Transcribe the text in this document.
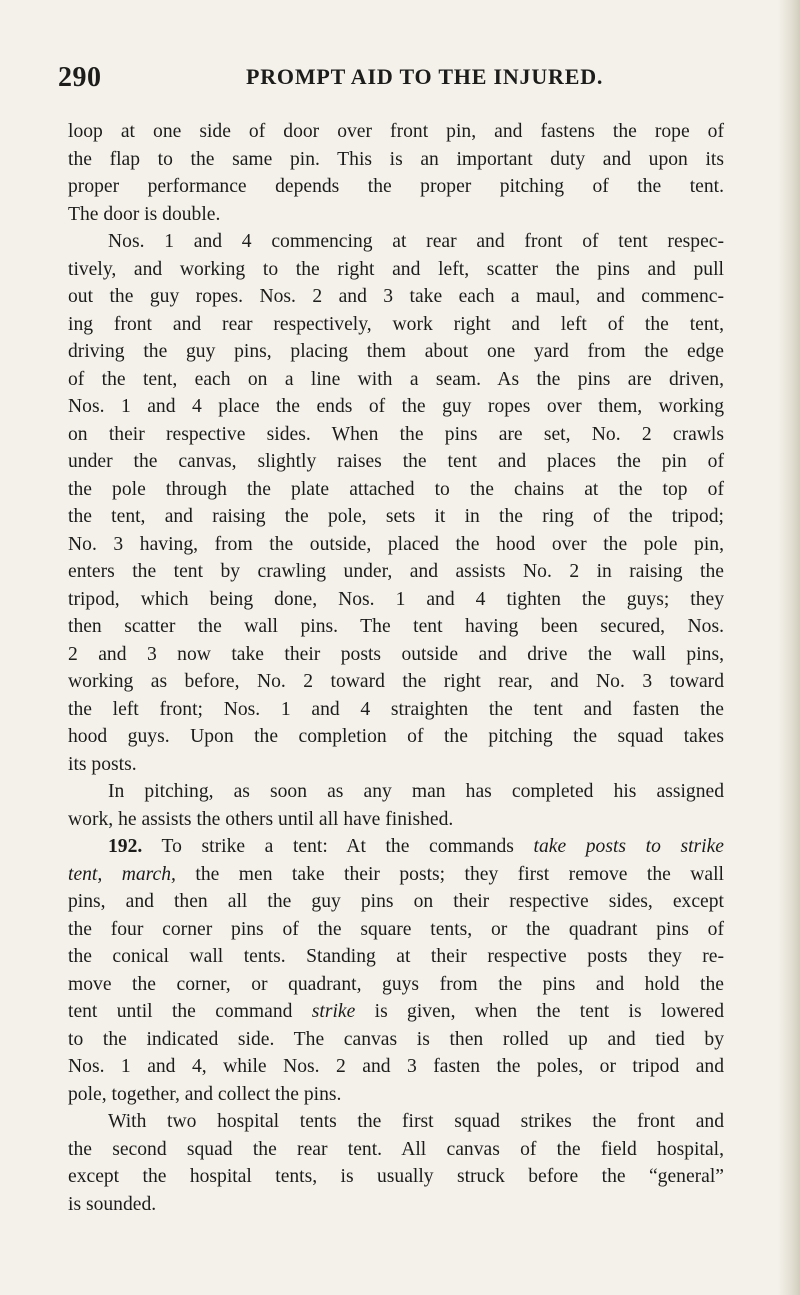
290	PROMPT AID TO THE INJURED.
loop at one side of door over front pin, and fastens the rope of
the flap to the same pin. This is an important duty and upon its
proper performance depends the proper pitching of the tent.
The door is double.
Nos. 1 and 4 commencing at rear and front of tent respec-
tively, and working to the right and left, scatter the pins and pull
out the guy ropes. Nos. 2 and 3 take each a maul, and commenc-
ing front and rear respectively, work right and left of the tent,
driving the guy pins, placing them about one yard from the edge
of the tent, each on a line with a seam. As the pins are driven,
Nos. 1 and 4 place the ends of the guy ropes over them, working
on their respective sides. When the pins are set, No. 2 crawls
under the canvas, slightly raises the tent and places the pin of
the pole through the plate attached to the chains at the top of
the tent, and raising the pole, sets it in the ring of the tripod;
No. 3 having, from the outside, placed the hood over the pole pin,
enters the tent by crawling under, and assists No. 2 in raising the
tripod, which being done, Nos. 1 and 4 tighten the guys; they
then scatter the wall pins. The tent having been secured, Nos.
2 and 3 now take their posts outside and drive the wall pins,
working as before, No. 2 toward the right rear, and No. 3 toward
the left front; Nos. 1 and 4 straighten the tent and fasten the
hood guys. Upon the completion of the pitching the squad takes
its posts.
In pitching, as soon as any man has completed his assigned
work, he assists the others until all have finished.
192. To strike a tent: At the commands take posts to strike
tent, march, the men take their posts; they first remove the wall
pins, and then all the guy pins on their respective sides, except
the four corner pins of the square tents, or the quadrant pins of
the conical wall tents. Standing at their respective posts they re-
move the corner, or quadrant, guys from the pins and hold the
tent until the command strike is given, when the tent is lowered
to the indicated side. The canvas is then rolled up and tied by
Nos. 1 and 4, while Nos. 2 and 3 fasten the poles, or tripod and
pole, together, and collect the pins.
With two hospital tents the first squad strikes the front and
the second squad the rear tent. All canvas of the field hospital,
except the hospital tents, is usually struck before the “general”
is sounded.
